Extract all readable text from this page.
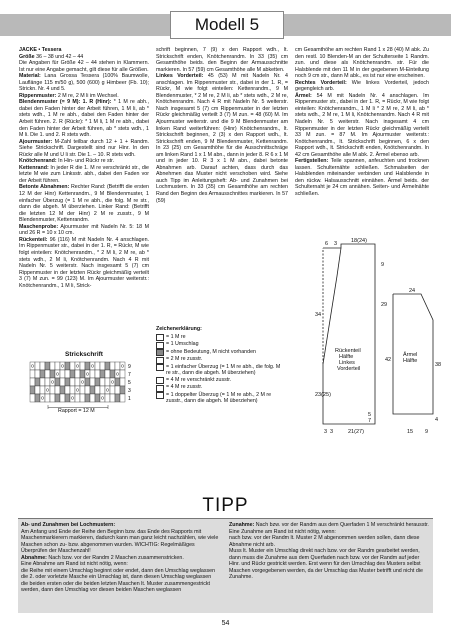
Modell 5

JACKE • Tessera

Größe 36 – 38 und 42 – 44

Die Angaben für Größe 42 – 44 stehen in Klammern. Ist nur eine Angabe gemacht, gilt diese für alle Größen.

Material: Lana Grossa Tessera (100% Baumwolle, Lauflänge 115 m/50 g), 500 (600) g Himbeer (Fb. 10); Strickn. Nr. 4 und 5.

Rippenmuster: 2 M re, 2 M li im Wechsel.

Blendenmuster (= 9 M): 1. R (Hinr): * 1 M re abh., dabei den Faden hinter der Arbeit führen, 1 M li, ab * stets wdh., 1 M re abh., dabei den Faden hinter der Arbeit führen. 2. R (Rückr): * 1 M li, 1 M re abh., dabei den Faden hinter der Arbeit führen, ab * stets wdh., 1 M li. Die 1. und 2. R stets wdh.

Ajourmuster: M-Zahl teilbar durch 12 + 1 + Randm. Siehe Strickschrift. Dargestellt sind nur Hinr. In den Rückr alle M und U li str. Die 1. – 10. R stets wdh.

Knötchenrand: In Hin- und Rückr re str.

Kettenrand: In jeder R die 1. M re verschränkt str., die letzte M wie zum Linksstr. abh., dabei den Faden vor der Arbeit führen.

Betonte Abnahmen: Rechter Rand: (Betrifft die ersten 12 M der Hinr) Kettenrandm., 9 M Blendenmuster, 1 einfacher Überzug (= 1 M re abh., die folg. M re str., dann die abgeh. M überziehen. Linker Rand: (Betrifft die letzten 12 M der Hinr) 2 M re zusstr., 9 M Blendenmuster, Kettenrandm.

Maschenprobe: Ajourmuster mit Nadeln Nr. 5: 18 M und 26 R = 10 x 10 cm.

Rückenteil: 96 (116) M mit Nadeln Nr. 4 anschlagen. Im Rippenmuster str., dabei in der 1. R, = Rückr, M wie folgt einteilen: Knötchenrandm., * 2 M li, 2 M re, ab * stets wdh., 2 M li, Knötchenrandm. Nach 4 R mit Nadeln Nr. 5 weiterstr. Nach insgesamt 5 (7) cm Rippenmuster in der letzten Rückr gleichmäßig verteilt 3 (7) M zun. = 99 (123) M. Im Ajourmuster weiterstr.: Knötchenrandm., 1 M li, Strick-

schrift beginnen, 7 (9) x den Rapport wdh., lt. Strickschrift enden, Knötchenrandm. In 33 (35) cm Gesamthöhe beids. den Beginn der Armausschnitte markieren. In 57 (59) cm Gesamthöhe alle M abketten.

Linkes Vorderteil: 45 (53) M mit Nadeln Nr. 4 anschlagen. Im Rippenmuster str., dabei in der 1. R, = Rückr, M wie folgt einteilen: Kettenrandm., 9 M Blendenmuster, * 2 M re, 2 M li, ab * stets wdh., 2 M re, Knötchenrandm. Nach 4 R mit Nadeln Nr. 5 weiterstr. Nach insgesamt 5 (7) cm Rippenmuster in der letzten Rückr gleichmäßig verteilt 3 (7) M zun. = 48 (60) M. Im Ajourmuster weiterstr. und die 9 M Blendenmuster am linken Rand weiterführen: (Hinr) Knötchenrandm., lt. Strickschrift beginnen, 2 (3) x den Rapport wdh., lt. Strickschrift enden, 9 M Blendenmuster, Kettenrandm. In 23 (25) cm Gesamthöhe für die Ausschnittschräge am linken Rand 1 x 1 M abn., dann in jeder 8. R 6 x 1 M und in jeder 10. R 3 x 1 M abn., dabei betonte Abnahmen arb. Darauf achten, dass durch das Abnehmen das Muster nicht verschoben wird. Siehe auch Tipp im Anleitungsheft: Ab- und Zunahmen bei Lochmustern. In 33 (35) cm Gesamthöhe am rechten Rand den Beginn des Armausschnittes markieren. In 57 (59)

cm Gesamthöhe am rechten Rand 1 x 28 (40) M abk. Zu den restl. 10 Blenden-M an der Schulterseite 1 Randm. zun. und diese als Knötchenrandm. str. Für die Halsblende mit den 11 M in der gegebenen M-Einteilung noch 9 cm str., dann M abk., es ist nur eine erscheinen.

Rechtes Vorderteil: Wie linkes Vorderteil, jedoch gegengleich arb.

Ärmel: 54 M mit Nadeln Nr. 4 anschlagen. Im Rippenmuster str., dabei in der 1. R, = Rückr, M wie folgt einteilen: Knötchenrandm., 1 M li * 2 M re, 2 M li, ab * stets wdh., 2 M re, 1 M li, Knötchenrandm. Nach 4 R mit Nadeln Nr. 5 weiterstr. Nach insgesamt 4 cm Rippenmuster in der letzten Rückr gleichmäßig verteilt 33 M zun. = 87 M. Im Ajourmuster weiterstr.: Knötchenrandm., lt. Strickschrift beginnen, 6 x den Rapport wdh., lt. Strickschrift enden, Knötchenrandm. In 42 cm Gesamthöhe alle M abk. 2. Ärmel ebenso arb.

Fertigstellen: Teile spannen, anfeuchten und trocknen lassen. Schulternähte schließen. Schmalseiten der Halsblenden miteinander verbinden und Halsblende in den rückw. Halsausschnitt einnähen. Ärmel beids. der Schulternaht je 24 cm annähen. Seiten- und Ärmelnähte schließen.

Strickschrift
9
7
5
3
1
Rapport = 12 M
Zeichenerklärung:
= 1 M re
= 1 Umschlag
= ohne Bedeutung, M nicht vorhanden
= 2 M re zusstr.
= 1 einfacher Überzug (= 1 M re abh., die folg. M re str., dann die abgeh. M überziehen)
= 4 M re verschränkt zusstr.
= 4 M re zusstr.
= 1 doppelter Überzug (= 1 M re abh., 2 M re zusstr., dann die abgeh. M überziehen)
6 3	18(24)
9
29
34
23(25)
Rückenteil
Hälfte
Linkes
Vorderteil
3 3	21(27)
5
7
24
Ärmel
Hälfte
38
42
4
15 9
TIPP

Ab- und Zunahmen bei Lochmustern:

Am Anfang und Ende der Reihe den Beginn bzw. das Ende des Rapports mit Maschenmarkierern markieren, dadurch kann man ganz leicht nachzählen, wie viele Maschen schon zu- bzw. abgenommen wurden. WICHTIG: Regelmäßiges Überprüfen der Maschenzahl!

Abnahme: Nach bzw. vor der Randm 2 Maschen zusammenstricken.

Eine Abnahme am Rand ist nicht nötig, wenn:

die Reihe mit einem Umschlag beginnt oder endet, dann den Umschlag weglassen

die 2. oder vorletzte Masche ein Umschlag ist, dann diesen Umschlag weglassen

die beiden ersten oder die beiden letzten Maschen lt. Muster zusammengestrickt werden, dann den Umschlag vor diesen beiden Maschen weglassen

Zunahme: Nach bzw. vor der Randm aus dem Querfaden 1 M verschränkt herausstr.

Eine Zunahme am Rand ist nicht nötig, wenn:

nach bzw. vor der Randm lt. Muster 2 M abgenommen werden sollen, dann diese Abnahme nicht arb.

Muss lt. Muster ein Umschlag direkt nach bzw. vor der Randm gearbeitet werden, dann muss die Zunahme aus dem Querfaden nach bzw. vor der Randm auf jeder Hinr. und Rückr gestrickt werden. Erst wenn für den Umschlag des Musters selbst Maschen vorgegebenen werden, da der Umschlag das Muster betrifft und nicht die Zunahme.

54
